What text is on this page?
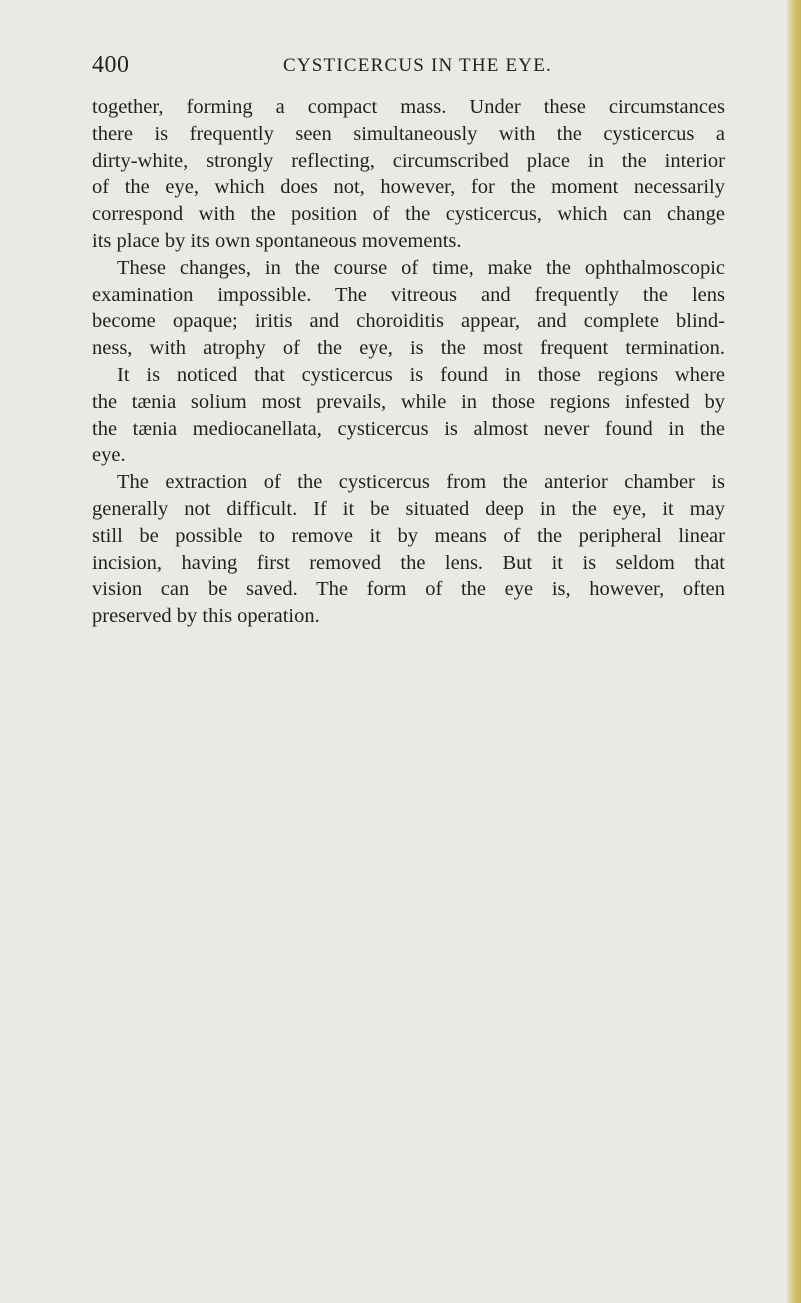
400	CYSTICERCUS IN THE EYE.
together, forming a compact mass. Under these circumstances
there is frequently seen simultaneously with the cysticercus a
dirty-white, strongly reflecting, circumscribed place in the interior
of the eye, which does not, however, for the moment necessarily
correspond with the position of the cysticercus, which can change
its place by its own spontaneous movements.
These changes, in the course of time, make the ophthalmoscopic
examination impossible. The vitreous and frequently the lens
become opaque; iritis and choroiditis appear, and complete blind-
ness, with atrophy of the eye, is the most frequent termination.
It is noticed that cysticercus is found in those regions where
the tænia solium most prevails, while in those regions infested by
the tænia mediocanellata, cysticercus is almost never found in the
eye.
The extraction of the cysticercus from the anterior chamber is
generally not difficult. If it be situated deep in the eye, it may
still be possible to remove it by means of the peripheral linear
incision, having first removed the lens. But it is seldom that
vision can be saved. The form of the eye is, however, often
preserved by this operation.
